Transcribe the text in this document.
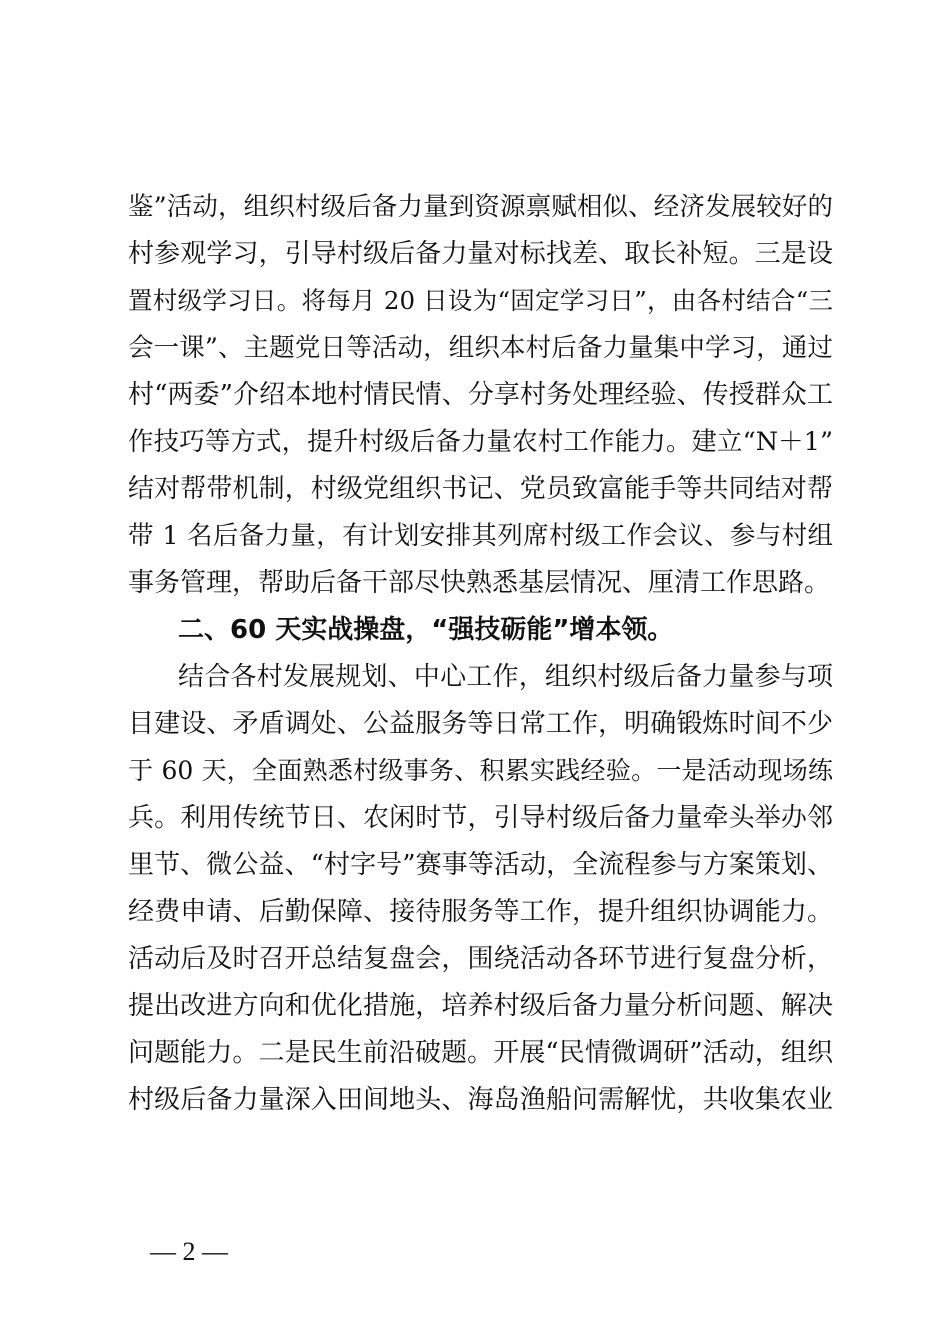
鉴”活动，组织村级后备力量到资源禀赋相似、经济发展较好的
村参观学习，引导村级后备力量对标找差、取长补短。三是设
置村级学习日。将每月 20 日设为“固定学习日”，由各村结合“三
会一课”、主题党日等活动，组织本村后备力量集中学习，通过
村“两委”介绍本地村情民情、分享村务处理经验、传授群众工
作技巧等方式，提升村级后备力量农村工作能力。建立“N＋1”
结对帮带机制，村级党组织书记、党员致富能手等共同结对帮
带 1 名后备力量，有计划安排其列席村级工作会议、参与村组
事务管理，帮助后备干部尽快熟悉基层情况、厘清工作思路。
二、60 天实战操盘，“强技砺能”增本领。
结合各村发展规划、中心工作，组织村级后备力量参与项
目建设、矛盾调处、公益服务等日常工作，明确锻炼时间不少
于 60 天，全面熟悉村级事务、积累实践经验。一是活动现场练
兵。利用传统节日、农闲时节，引导村级后备力量牵头举办邻
里节、微公益、“村字号”赛事等活动，全流程参与方案策划、
经费申请、后勤保障、接待服务等工作，提升组织协调能力。
活动后及时召开总结复盘会，围绕活动各环节进行复盘分析，
提出改进方向和优化措施，培养村级后备力量分析问题、解决
问题能力。二是民生前沿破题。开展“民情微调研”活动，组织
村级后备力量深入田间地头、海岛渔船问需解忧，共收集农业
— 2 —
